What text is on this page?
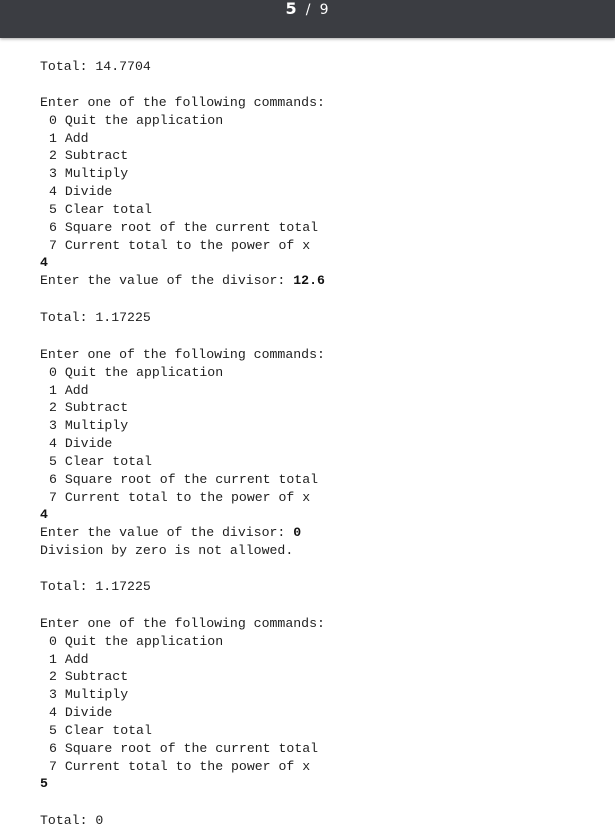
Total: 14.7704
Enter one of the following commands:
0 Quit the application
1 Add
2 Subtract
3 Multiply
4 Divide
5 Clear total
6 Square root of the current total
7 Current total to the power of x
4
Enter the value of the divisor: 12.6
Total: 1.17225
Enter one of the following commands:
0 Quit the application
1 Add
2 Subtract
3 Multiply
4 Divide
5 Clear total
6 Square root of the current total
7 Current total to the power of x
4
Enter the value of the divisor: 0
Division by zero is not allowed.
Total: 1.17225
Enter one of the following commands:
0 Quit the application
1 Add
2 Subtract
3 Multiply
4 Divide
5 Clear total
6 Square root of the current total
7 Current total to the power of x
5
Total: 0
5 / 9
